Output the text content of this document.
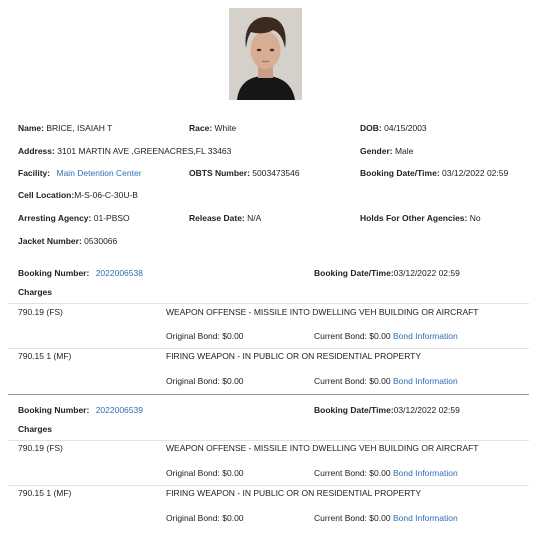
Name: BRICE, ISAIAH T	Race: White	DOB: 04/15/2003
Address: 3101 MARTIN AVE ,GREENACRES,FL 33463	Gender: Male
Facility: Main Detention Center	OBTS Number: 5003473546	Booking Date/Time: 03/12/2022 02:59
Cell Location:M-S-06-C-30U-B
Arresting Agency: 01-PBSO	Release Date: N/A	Holds For Other Agencies: No
Jacket Number: 0530066
Booking Number: 2022006538	Booking Date/Time:03/12/2022 02:59
Charges
790.19 (FS)	WEAPON OFFENSE - MISSILE INTO DWELLING VEH BUILDING OR AIRCRAFT
Original Bond: $0.00	Current Bond: $0.00 Bond Information
790.15 1 (MF)	FIRING WEAPON - IN PUBLIC OR ON RESIDENTIAL PROPERTY
Original Bond: $0.00	Current Bond: $0.00 Bond Information
Booking Number: 2022006539	Booking Date/Time:03/12/2022 02:59
Charges
790.19 (FS)	WEAPON OFFENSE - MISSILE INTO DWELLING VEH BUILDING OR AIRCRAFT
Original Bond: $0.00	Current Bond: $0.00 Bond Information
790.15 1 (MF)	FIRING WEAPON - IN PUBLIC OR ON RESIDENTIAL PROPERTY
Original Bond: $0.00	Current Bond: $0.00 Bond Information
